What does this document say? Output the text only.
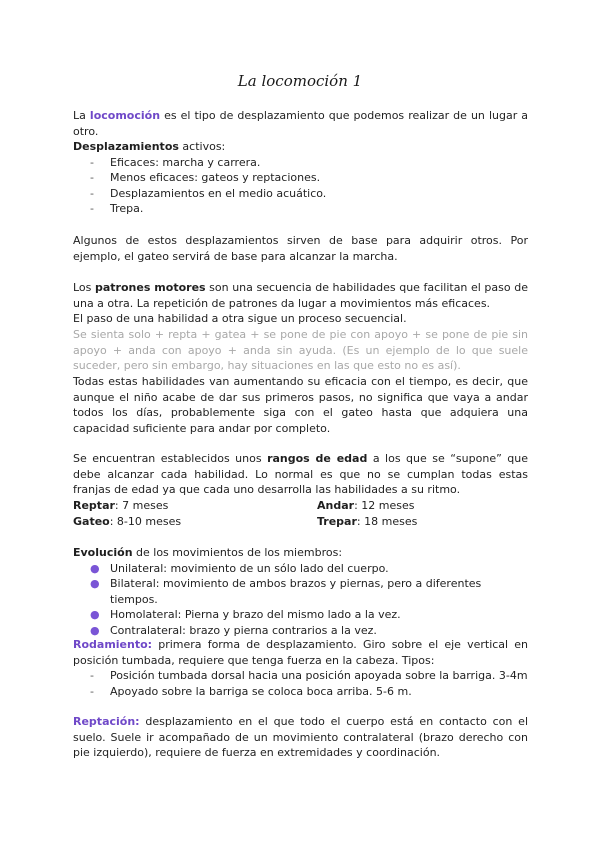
La locomoción 1
La locomoción es el tipo de desplazamiento que podemos realizar de un lugar a otro.
Desplazamientos activos:
-	Eficaces: marcha y carrera.
-	Menos eficaces: gateos y reptaciones.
-	Desplazamientos en el medio acuático.
-	Trepa.
Algunos de estos desplazamientos sirven de base para adquirir otros. Por ejemplo, el gateo servirá de base para alcanzar la marcha.
Los patrones motores son una secuencia de habilidades que facilitan el paso de una a otra. La repetición de patrones da lugar a movimientos más eficaces.
El paso de una habilidad a otra sigue un proceso secuencial.
Se sienta solo + repta + gatea + se pone de pie con apoyo + se pone de pie sin apoyo + anda con apoyo + anda sin ayuda. (Es un ejemplo de lo que suele suceder, pero sin embargo, hay situaciones en las que esto no es así).
Todas estas habilidades van aumentando su eficacia con el tiempo, es decir, que aunque el niño acabe de dar sus primeros pasos, no significa que vaya a andar todos los días, probablemente siga con el gateo hasta que adquiera una capacidad suficiente para andar por completo.
Se encuentran establecidos unos rangos de edad a los que se “supone” que debe alcanzar cada habilidad. Lo normal es que no se cumplan todas estas franjas de edad ya que cada uno desarrolla las habilidades a su ritmo.
Reptar: 7 meses	Andar: 12 meses
Gateo: 8-10 meses	Trepar: 18 meses
Evolución de los movimientos de los miembros:
● Unilateral: movimiento de un sólo lado del cuerpo.
● Bilateral: movimiento de ambos brazos y piernas, pero a diferentes tiempos.
● Homolateral: Pierna y brazo del mismo lado a la vez.
● Contralateral: brazo y pierna contrarios a la vez.
Rodamiento: primera forma de desplazamiento. Giro sobre el eje vertical en posición tumbada, requiere que tenga fuerza en la cabeza. Tipos:
-	Posición tumbada dorsal hacia una posición apoyada sobre la barriga. 3-4m
-	Apoyado sobre la barriga se coloca boca arriba. 5-6 m.
Reptación: desplazamiento en el que todo el cuerpo está en contacto con el suelo. Suele ir acompañado de un movimiento contralateral (brazo derecho con pie izquierdo), requiere de fuerza en extremidades y coordinación.
